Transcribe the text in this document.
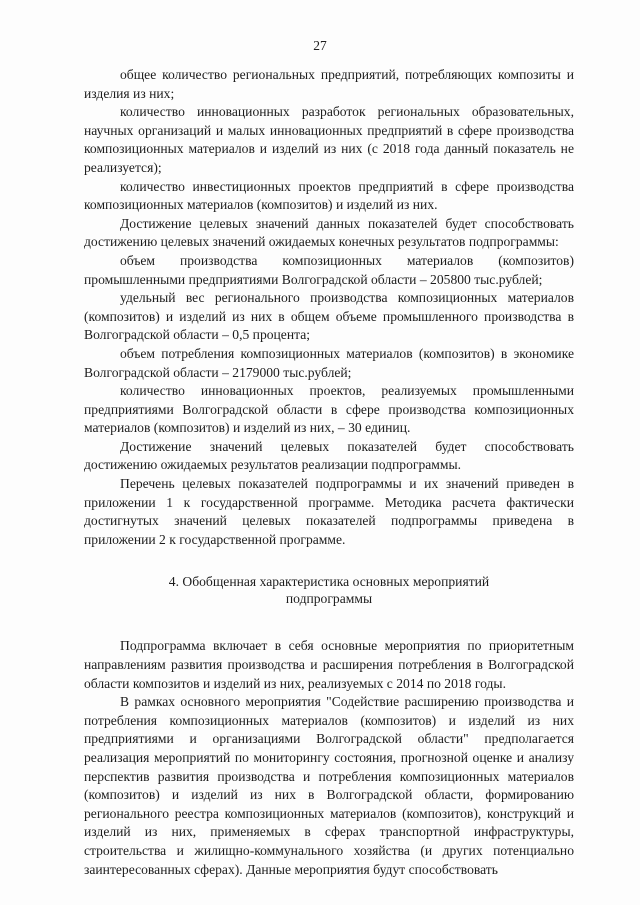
27

общее количество региональных предприятий, потребляющих композиты и изделия из них;

количество инновационных разработок региональных образовательных, научных организаций и малых инновационных предприятий в сфере производства композиционных материалов и изделий из них (с 2018 года данный показатель не реализуется);

количество инвестиционных проектов предприятий в сфере производства композиционных материалов (композитов) и изделий из них.

Достижение целевых значений данных показателей будет способствовать достижению целевых значений ожидаемых конечных результатов подпрограммы:

объем производства композиционных материалов (композитов) промышленными предприятиями Волгоградской области – 205800 тыс.рублей;

удельный вес регионального производства композиционных материалов (композитов) и изделий из них в общем объеме промышленного производства в Волгоградской области – 0,5 процента;

объем потребления композиционных материалов (композитов) в экономике Волгоградской области – 2179000 тыс.рублей;

количество инновационных проектов, реализуемых промышленными предприятиями Волгоградской области в сфере производства композиционных материалов (композитов) и изделий из них, – 30 единиц.

Достижение значений целевых показателей будет способствовать достижению ожидаемых результатов реализации подпрограммы.

Перечень целевых показателей подпрограммы и их значений приведен в приложении 1 к государственной программе. Методика расчета фактически достигнутых значений целевых показателей подпрограммы приведена в приложении 2 к государственной программе.

4. Обобщенная характеристика основных мероприятий
подпрограммы

Подпрограмма включает в себя основные мероприятия по приоритетным направлениям развития производства и расширения потребления в Волгоградской области композитов и изделий из них, реализуемых с 2014 по 2018 годы.

В рамках основного мероприятия "Содействие расширению производства и потребления композиционных материалов (композитов) и изделий из них предприятиями и организациями Волгоградской области" предполагается реализация мероприятий по мониторингу состояния, прогнозной оценке и анализу перспектив развития производства и потребления композиционных материалов (композитов) и изделий из них в Волгоградской области, формированию регионального реестра композиционных материалов (композитов), конструкций и изделий из них, применяемых в сферах транспортной инфраструктуры, строительства и жилищно-коммунального хозяйства (и других потенциально заинтересованных сферах). Данные мероприятия будут способствовать
